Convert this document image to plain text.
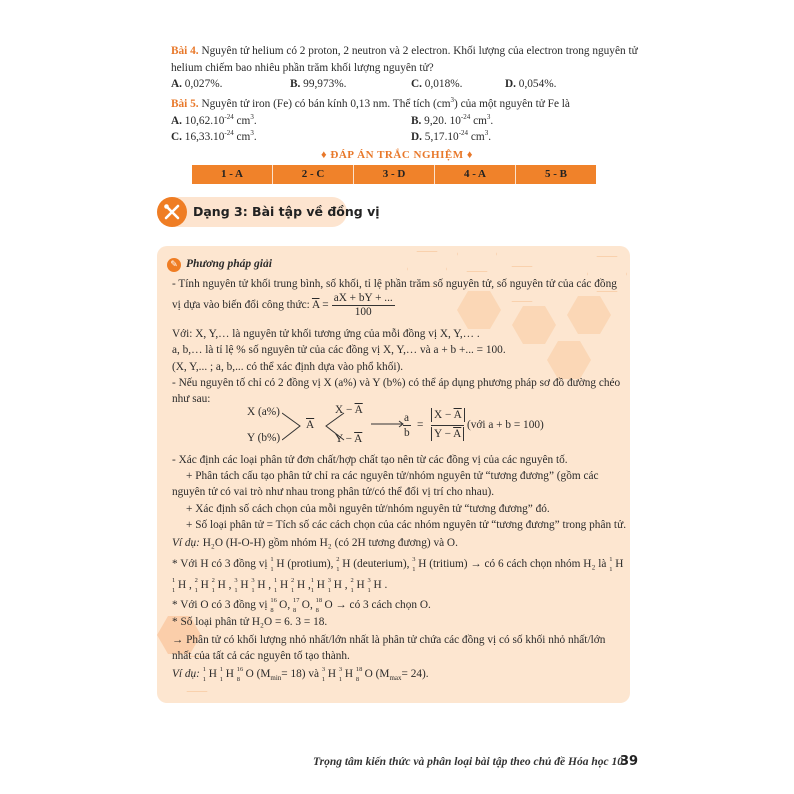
Bài 4. Nguyên tử helium có 2 proton, 2 neutron và 2 electron. Khối lượng của electron trong nguyên tử
helium chiếm bao nhiêu phần trăm khối lượng nguyên tử?
A. 0,027%.	B. 99,973%.	C. 0,018%.	D. 0,054%.
Bài 5. Nguyên tử iron (Fe) có bán kính 0,13 nm. Thể tích $(cm^3)$ của một nguyên tử Fe là
A. $10,62.10^{-24}$ $cm^3$.	B. 9,20. $10^{-24}$ $cm^3$.
C. $16,33.10^{-24}$ $cm^3$.	D. $5,17.10^{-24}$ $cm^3$.
♦ ĐÁP ÁN TRẮC NGHIỆM ♦
1 - A	2 - C	3 - D	4 - A	5 - B
Dạng 3: Bài tập về đồng vị
✎ Phương pháp giải
- Tính nguyên tử khối trung bình, số khối, tỉ lệ phần trăm số nguyên tử, số nguyên tử của các đồng
vị dựa vào biến đổi công thức: $\overline{A} = \frac{aX + bY + ...}{100}$
Với: X, Y,… là nguyên tử khối tương ứng của mỗi đồng vị X, Y,… .
a, b,… là tỉ lệ % số nguyên tử của các đồng vị X, Y,… và a + b +... = 100.
(X, Y,... ; a, b,... có thể xác định dựa vào phổ khối).
- Nếu nguyên tố chỉ có 2 đồng vị X (a%) và Y (b%) có thể áp dụng phương pháp sơ đồ đường chéo
như sau:
X (a%)
Y (b%)
$\overline{A}$
$X - \overline{A}$
$Y - \overline{A}$
a
b
=
$X - \overline{A}$
$Y - \overline{A}$
(với a + b = 100)
- Xác định các loại phân tử đơn chất/hợp chất tạo nên từ các đồng vị của các nguyên tố.
+ Phân tách cấu tạo phân tử chỉ ra các nguyên tử/nhóm nguyên tử “tương đương” (gồm các
nguyên tử có vai trò như nhau trong phân tử/có thể đổi vị trí cho nhau).
+ Xác định số cách chọn của mỗi nguyên tử/nhóm nguyên tử “tương đương” đó.
+ Số loại phân tử = Tích số các cách chọn của các nhóm nguyên tử “tương đương” trong phân tử.
Ví dụ: H₂O (H-O-H) gồm nhóm H₂ (có 2H tương đương) và O.
* Với H có 3 đồng vị 1
1 H (protium), 2
1 H (deuterium), 3
1 H (tritium) → có 6 cách chọn nhóm H₂ là 1
1 H
1
1 H , 2
1 H 2
1 H , 3
1 H 3
1 H , 1
1 H 2
1 H , 1
1 H 3
1 H , 2
1 H 3
1 H .
* Với O có 3 đồng vị 16
8 O, 17
8 O, 18
8 O → có 3 cách chọn O.
* Số loại phân tử H₂O = 6. 3 = 18.
→ Phân tử có khối lượng nhỏ nhất/lớn nhất là phân tử chứa các đồng vị có số khối nhỏ nhất/lớn
nhất của tất cả các nguyên tố tạo thành.
Ví dụ: 1
1 H 1
1 H 16
8 O $(M_{min}= 18)$ và 3
1 H 3
1 H 18
8 O $(M_{max}= 24)$.
Trọng tâm kiến thức và phân loại bài tập theo chủ đề Hóa học 10
39
